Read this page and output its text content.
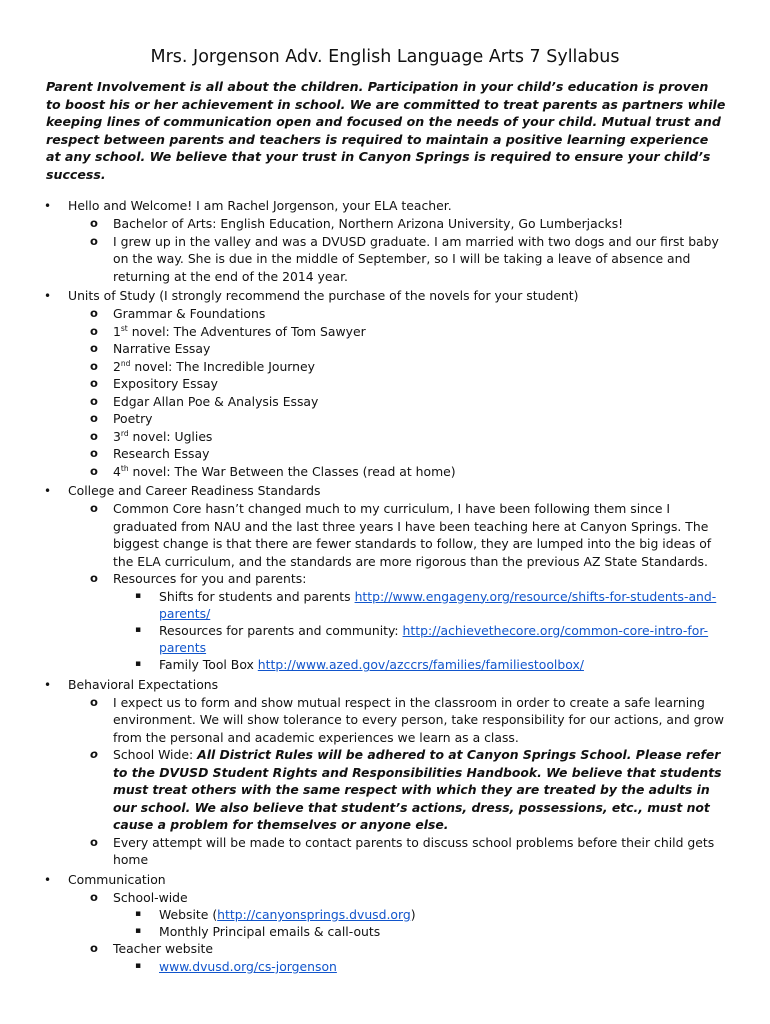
Mrs. Jorgenson Adv. English Language Arts 7 Syllabus
Parent Involvement is all about the children. Participation in your child’s education is proven to boost his or her achievement in school. We are committed to treat parents as partners while keeping lines of communication open and focused on the needs of your child. Mutual trust and respect between parents and teachers is required to maintain a positive learning experience at any school. We believe that your trust in Canyon Springs is required to ensure your child’s success.
• Hello and Welcome! I am Rachel Jorgenson, your ELA teacher.
o Bachelor of Arts: English Education, Northern Arizona University, Go Lumberjacks!
o I grew up in the valley and was a DVUSD graduate. I am married with two dogs and our first baby on the way. She is due in the middle of September, so I will be taking a leave of absence and returning at the end of the 2014 year.
• Units of Study (I strongly recommend the purchase of the novels for your student)
o Grammar & Foundations
o 1st novel: The Adventures of Tom Sawyer
o Narrative Essay
o 2nd novel: The Incredible Journey
o Expository Essay
o Edgar Allan Poe & Analysis Essay
o Poetry
o 3rd novel: Uglies
o Research Essay
o 4th novel: The War Between the Classes (read at home)
• College and Career Readiness Standards
o Common Core hasn’t changed much to my curriculum, I have been following them since I graduated from NAU and the last three years I have been teaching here at Canyon Springs. The biggest change is that there are fewer standards to follow, they are lumped into the big ideas of the ELA curriculum, and the standards are more rigorous than the previous AZ State Standards.
o Resources for you and parents:
▪ Shifts for students and parents http://www.engageny.org/resource/shifts-for-students-and-parents/
▪ Resources for parents and community: http://achievethecore.org/common-core-intro-for-parents
▪ Family Tool Box http://www.azed.gov/azccrs/families/familiestoolbox/
• Behavioral Expectations
o I expect us to form and show mutual respect in the classroom in order to create a safe learning environment. We will show tolerance to every person, take responsibility for our actions, and grow from the personal and academic experiences we learn as a class.
o School Wide: All District Rules will be adhered to at Canyon Springs School. Please refer to the DVUSD Student Rights and Responsibilities Handbook. We believe that students must treat others with the same respect with which they are treated by the adults in our school. We also believe that student’s actions, dress, possessions, etc., must not cause a problem for themselves or anyone else.
o Every attempt will be made to contact parents to discuss school problems before their child gets home
• Communication
o School-wide
▪ Website (http://canyonsprings.dvusd.org)
▪ Monthly Principal emails & call-outs
o Teacher website
▪ www.dvusd.org/cs-jorgenson
